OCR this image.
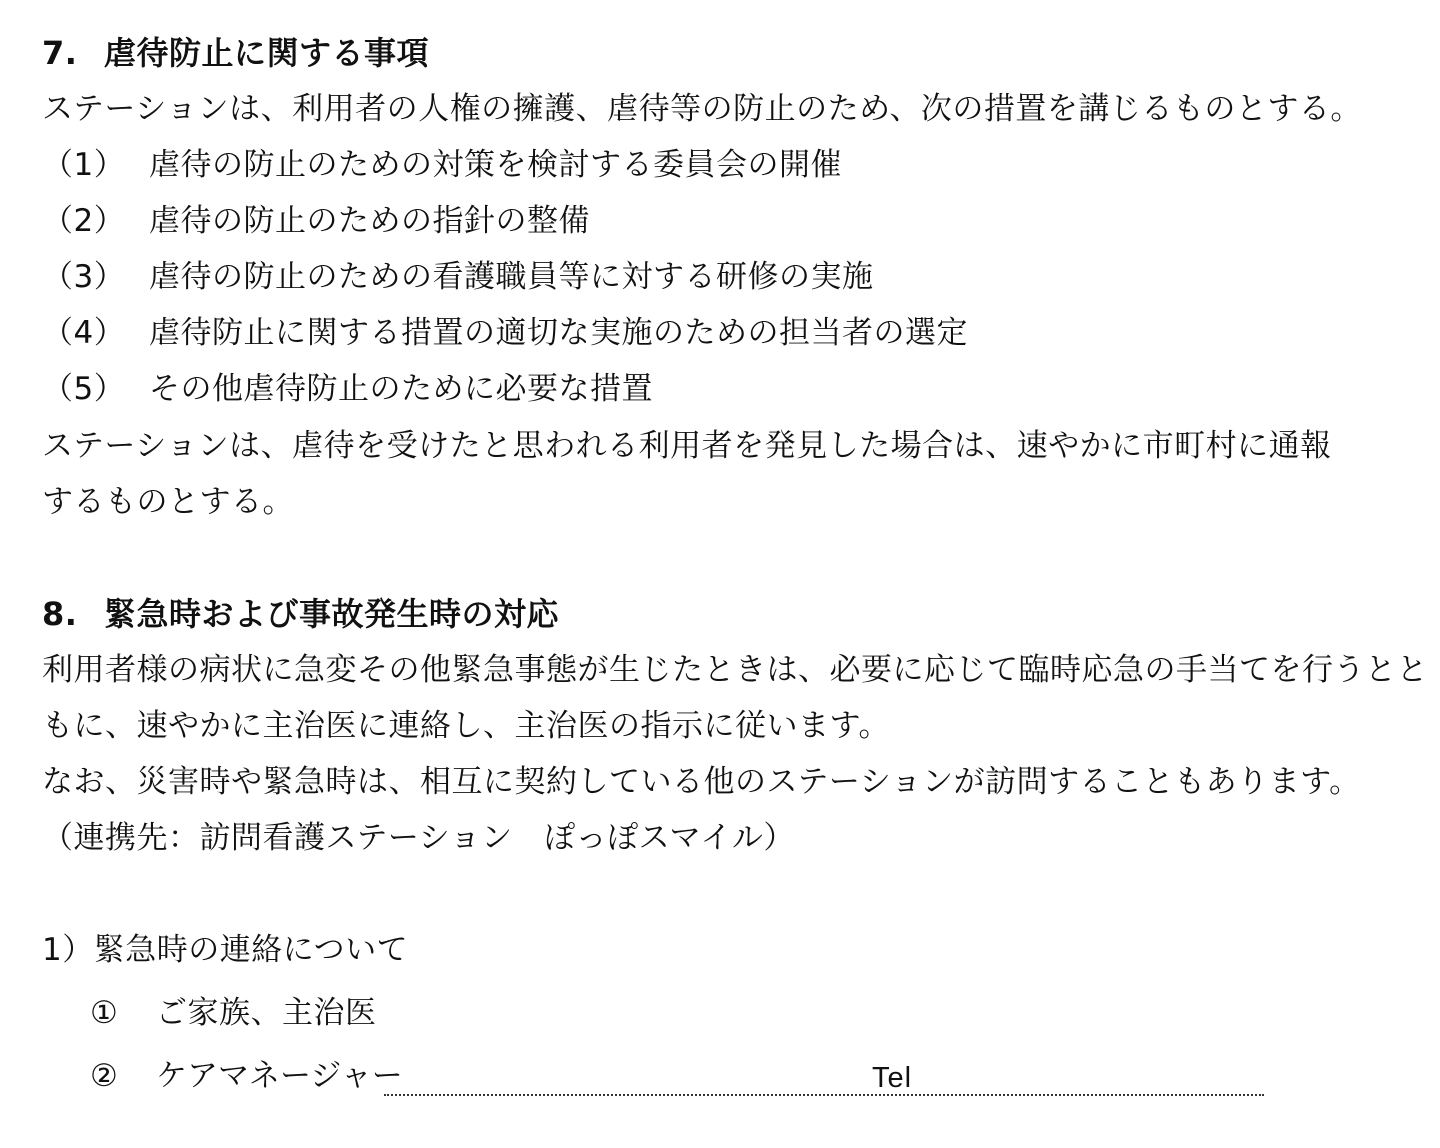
7. 虐待防止に関する事項
ステーションは、利用者の人権の擁護、虐待等の防止のため、次の措置を講じるものとする。
（1） 虐待の防止のための対策を検討する委員会の開催
（2） 虐待の防止のための指針の整備
（3） 虐待の防止のための看護職員等に対する研修の実施
（4） 虐待防止に関する措置の適切な実施のための担当者の選定
（5） その他虐待防止のために必要な措置
ステーションは、虐待を受けたと思われる利用者を発見した場合は、速やかに市町村に通報
するものとする。
8. 緊急時および事故発生時の対応
利用者様の病状に急変その他緊急事態が生じたときは、必要に応じて臨時応急の手当てを行うとと
もに、速やかに主治医に連絡し、主治医の指示に従います。
なお、災害時や緊急時は、相互に契約している他のステーションが訪問することもあります。
（連携先：訪問看護ステーション　ぽっぽスマイル）
1）緊急時の連絡について
① ご家族、主治医
② ケアマネージャー	Tel
